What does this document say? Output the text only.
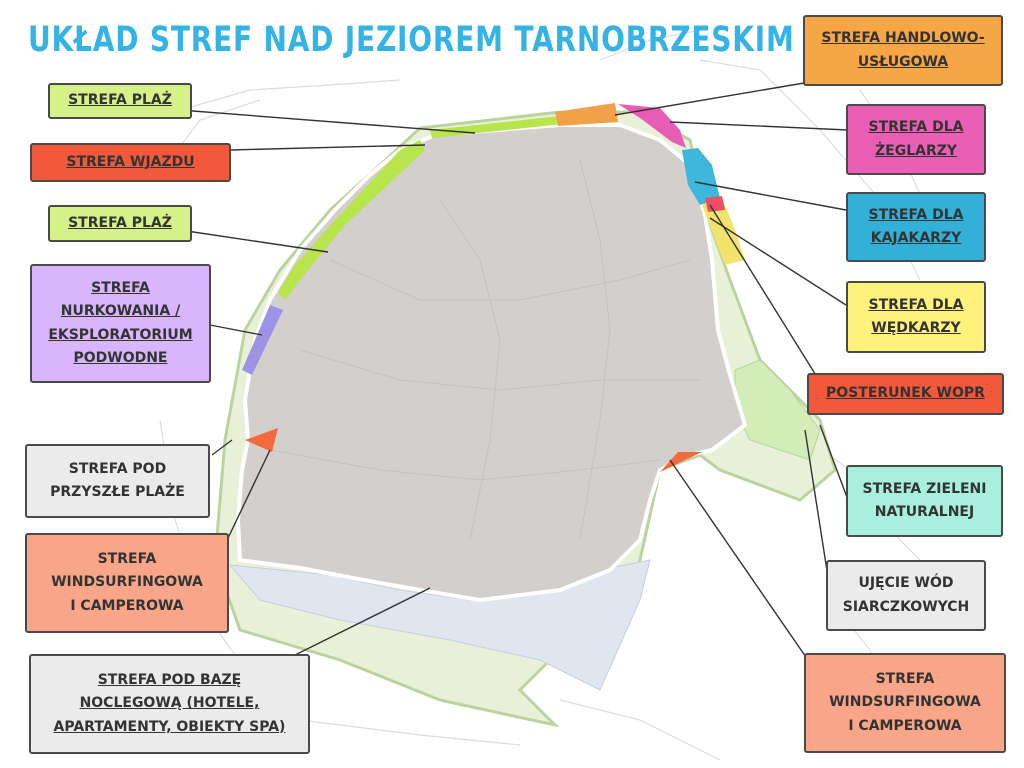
UKŁAD STREF NAD JEZIOREM TARNOBRZESKIM
STREFA PLAŻ
STREFA WJAZDU
STREFA PLAŻ
STREFA
NURKOWANIA /
EKSPLORATORIUM
PODWODNE
STREFA POD
PRZYSZŁE PLAŻE
STREFA
WINDSURFINGOWA
I CAMPEROWA
STREFA POD BAZĘ
NOCLEGOWĄ (HOTELE,
APARTAMENTY, OBIEKTY SPA)
STREFA HANDLOWO-
USŁUGOWA
STREFA DLA
ŻEGLARZY
STREFA DLA
KAJAKARZY
STREFA DLA
WĘDKARZY
POSTERUNEK WOPR
STREFA ZIELENI
NATURALNEJ
UJĘCIE WÓD
SIARCZKOWYCH
STREFA
WINDSURFINGOWA
I CAMPEROWA
